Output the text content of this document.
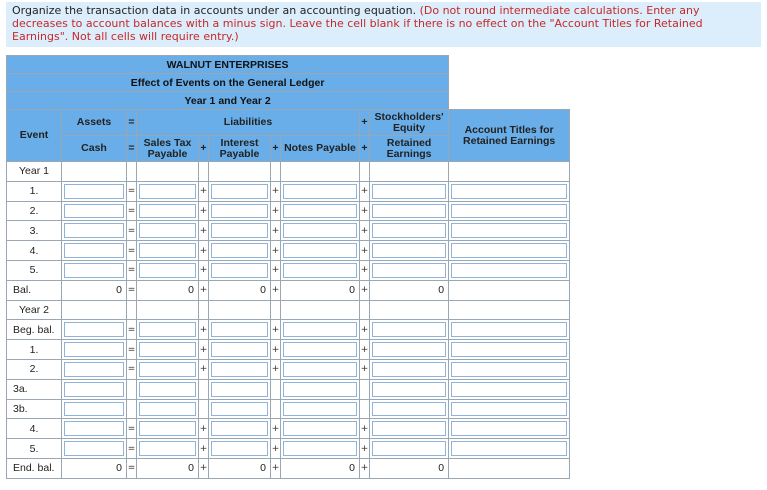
Organize the transaction data in accounts under an accounting equation. (Do not round intermediate calculations. Enter any decreases to account balances with a minus sign. Leave the cell blank if there is no effect on the "Account Titles for Retained Earnings". Not all cells will require entry.)
WALNUT ENTERPRISES										
Effect of Events on the General Ledger										
Year 1 and Year 2										
Event	Assets	=	Liabilities					+	Stockholders' Equity	Account Titles for Retained Earnings
	Cash	=	Sales Tax Payable	+	Interest Payable	+	Notes Payable	+	Retained Earnings	
Year 1										
1.		=		+		+		+	

2.		=		+		+		+	

3.		=		+		+		+	

4.		=		+		+		+	

5.		=		+		+		+	

Bal.	0	=	0	+	0	+	0	+	0	
Year 2										
Beg. bal.		=		+		+		+	

1.		=		+		+		+	

2.		=		+		+		+	

3a.	

3b.	

4.		=		+		+		+	

5.		=		+		+		+	

End. bal.	0	=	0	+	0	+	0	+	0	
